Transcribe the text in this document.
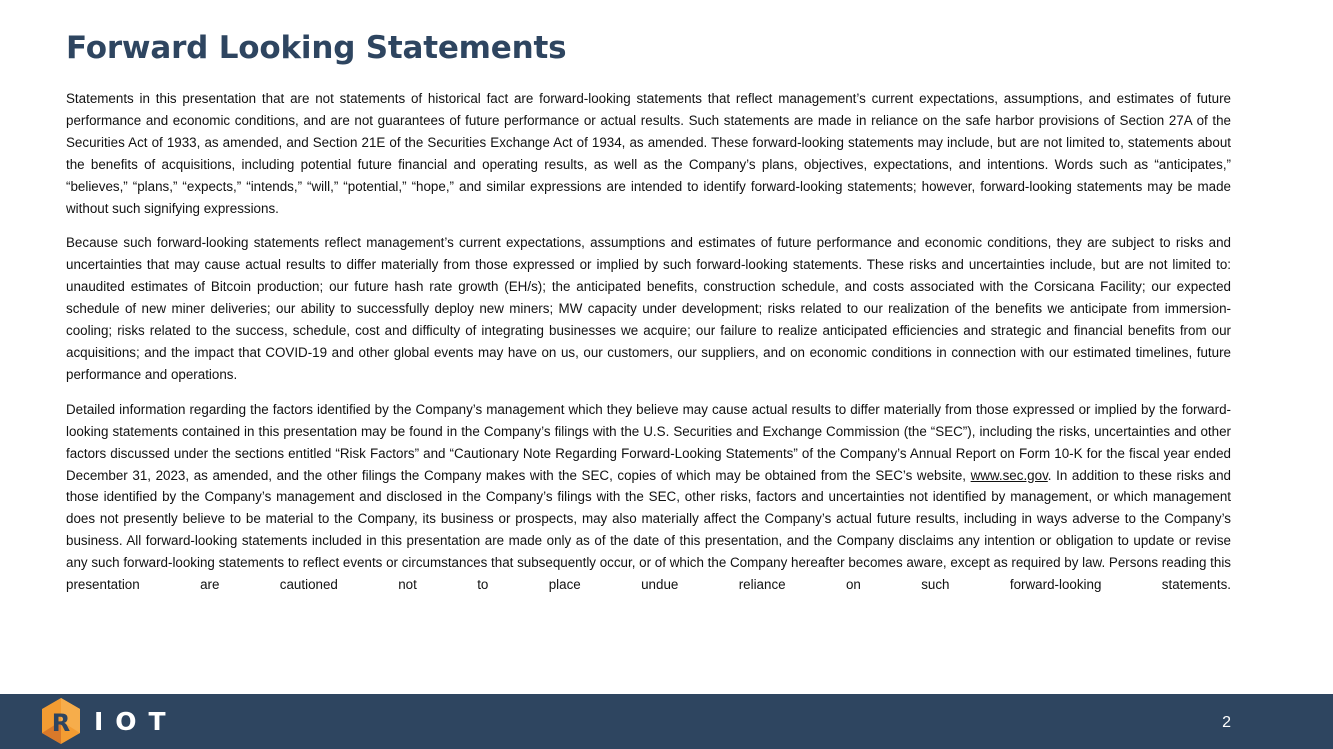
Forward Looking Statements

Statements in this presentation that are not statements of historical fact are forward-looking statements that reflect management’s current expectations, assumptions, and estimates of future performance and economic conditions, and are not guarantees of future performance or actual results. Such statements are made in reliance on the safe harbor provisions of Section 27A of the Securities Act of 1933, as amended, and Section 21E of the Securities Exchange Act of 1934, as amended. These forward-looking statements may include, but are not limited to, statements about the benefits of acquisitions, including potential future financial and operating results, as well as the Company’s plans, objectives, expectations, and intentions. Words such as “anticipates,” “believes,” “plans,” “expects,” “intends,” “will,” “potential,” “hope,” and similar expressions are intended to identify forward-looking statements; however, forward-looking statements may be made without such signifying expressions.

Because such forward-looking statements reflect management’s current expectations, assumptions and estimates of future performance and economic conditions, they are subject to risks and uncertainties that may cause actual results to differ materially from those expressed or implied by such forward-looking statements. These risks and uncertainties include, but are not limited to: unaudited estimates of Bitcoin production; our future hash rate growth (EH/s); the anticipated benefits, construction schedule, and costs associated with the Corsicana Facility; our expected schedule of new miner deliveries; our ability to successfully deploy new miners; MW capacity under development; risks related to our realization of the benefits we anticipate from immersion-cooling; risks related to the success, schedule, cost and difficulty of integrating businesses we acquire; our failure to realize anticipated efficiencies and strategic and financial benefits from our acquisitions; and the impact that COVID-19 and other global events may have on us, our customers, our suppliers, and on economic conditions in connection with our estimated timelines, future performance and operations.

Detailed information regarding the factors identified by the Company’s management which they believe may cause actual results to differ materially from those expressed or implied by the forward-looking statements contained in this presentation may be found in the Company’s filings with the U.S. Securities and Exchange Commission (the “SEC”), including the risks, uncertainties and other factors discussed under the sections entitled “Risk Factors” and “Cautionary Note Regarding Forward-Looking Statements” of the Company’s Annual Report on Form 10-K for the fiscal year ended December 31, 2023, as amended, and the other filings the Company makes with the SEC, copies of which may be obtained from the SEC’s website, www.sec.gov. In addition to these risks and those identified by the Company’s management and disclosed in the Company’s filings with the SEC, other risks, factors and uncertainties not identified by management, or which management does not presently believe to be material to the Company, its business or prospects, may also materially affect the Company’s actual future results, including in ways adverse to the Company’s business. All forward-looking statements included in this presentation are made only as of the date of this presentation, and the Company disclaims any intention or obligation to update or revise any such forward-looking statements to reflect events or circumstances that subsequently occur, or of which the Company hereafter becomes aware, except as required by law. Persons reading this presentation are cautioned not to place undue reliance on such forward-looking statements.

R IOT	2
